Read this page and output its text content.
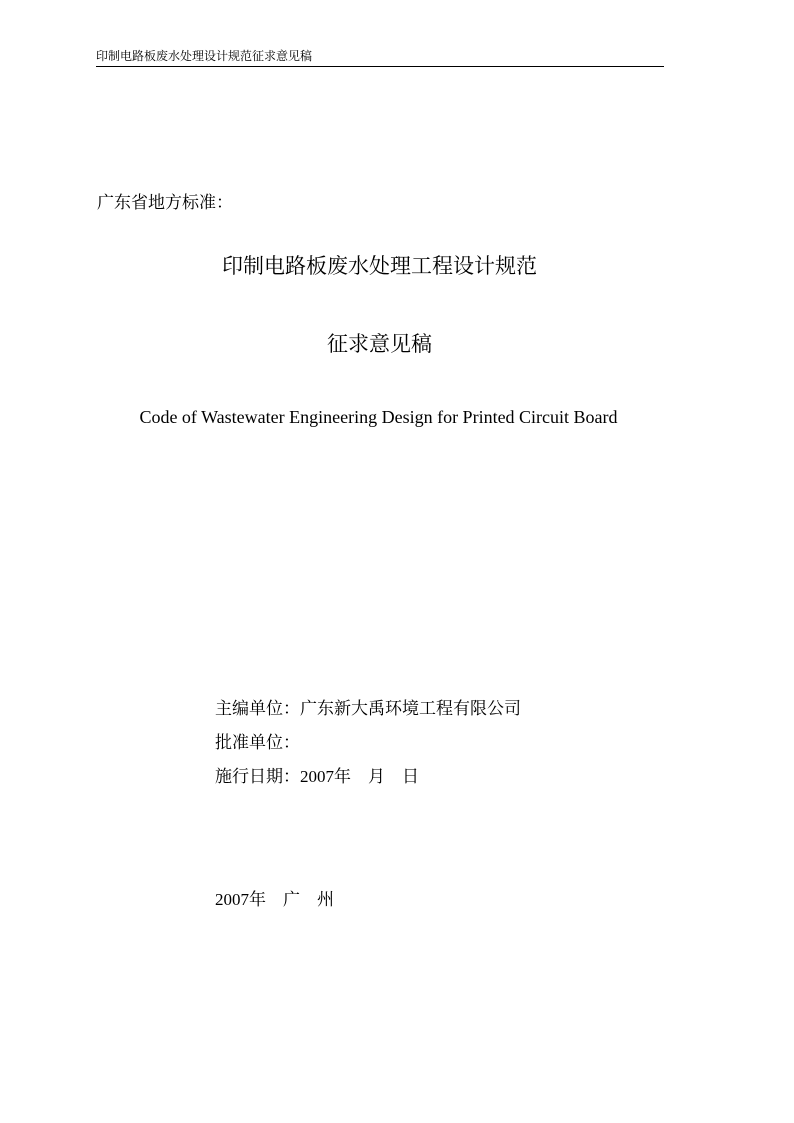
印制电路板废水处理设计规范征求意见稿
广东省地方标准：
印制电路板废水处理工程设计规范
征求意见稿
Code of Wastewater Engineering Design for Printed Circuit Board
主编单位：广东新大禹环境工程有限公司
批准单位：
施行日期：2007年　月　日
2007年　广　州
